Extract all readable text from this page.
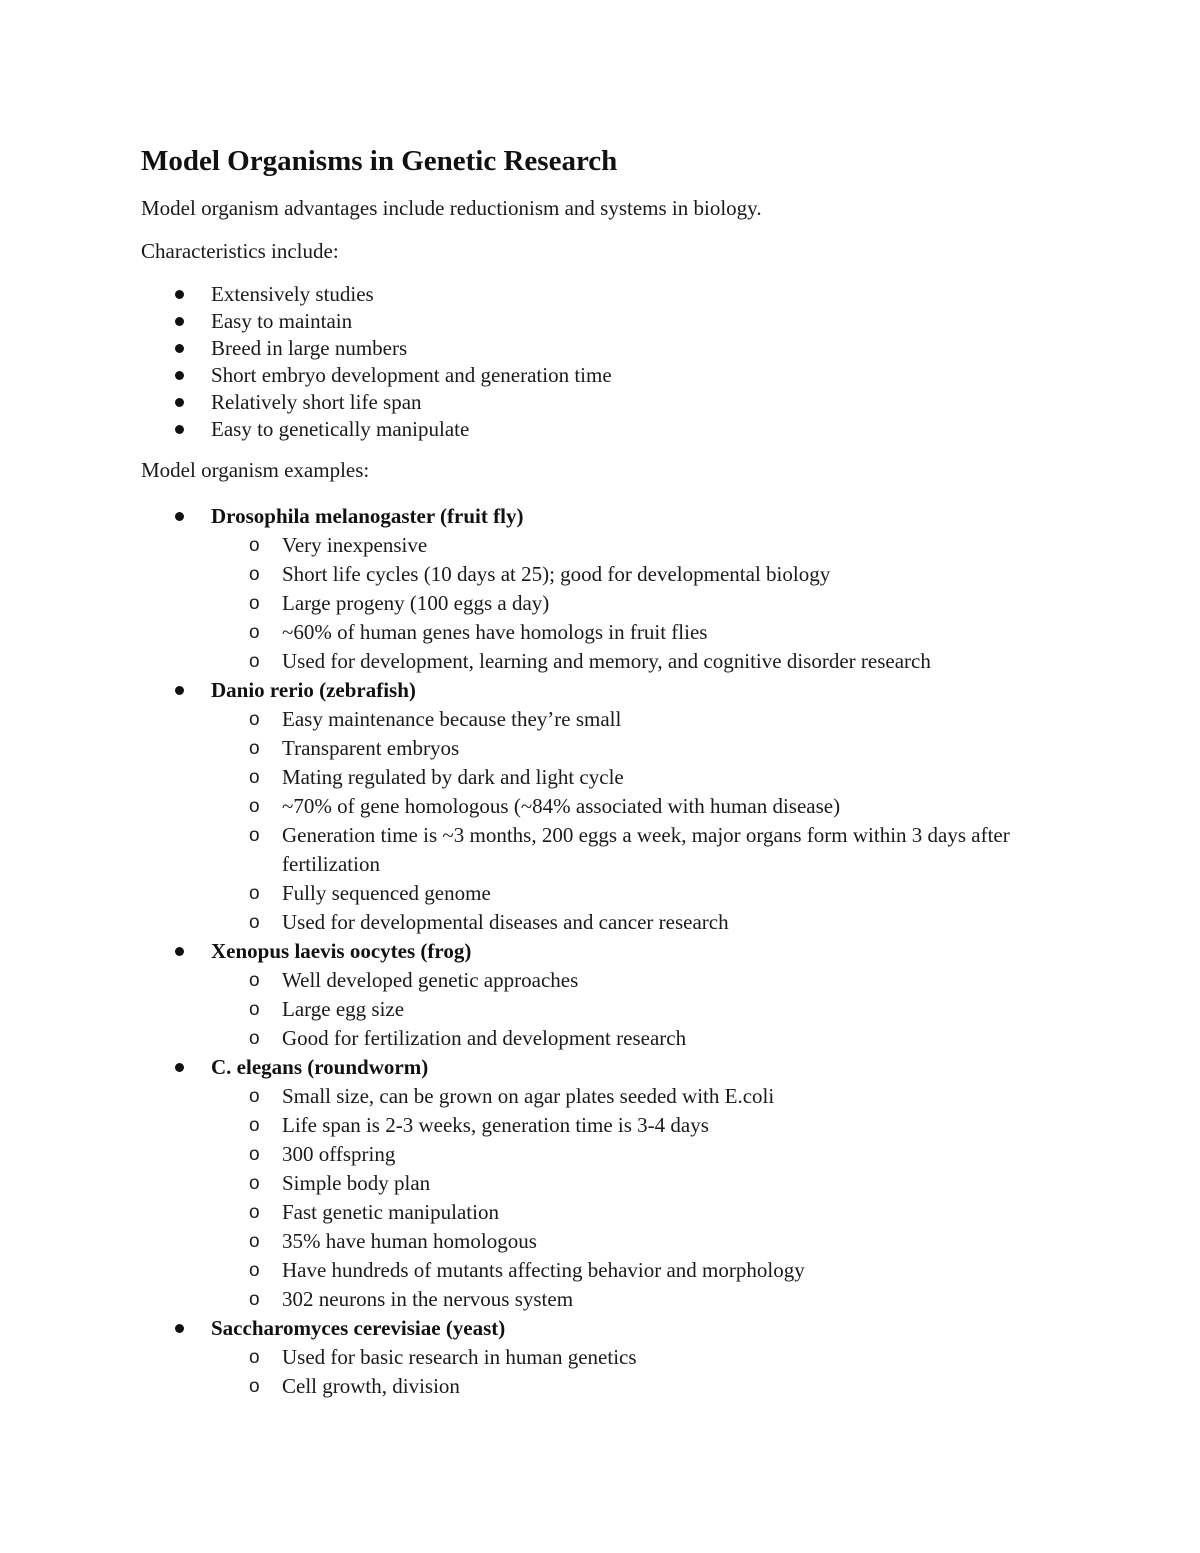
Model Organisms in Genetic Research

Model organism advantages include reductionism and systems in biology.

Characteristics include:

Extensively studies
Easy to maintain
Breed in large numbers
Short embryo development and generation time
Relatively short life span
Easy to genetically manipulate

Model organism examples:

Drosophila melanogaster (fruit fly)
o Very inexpensive
o Short life cycles (10 days at 25); good for developmental biology
o Large progeny (100 eggs a day)
o ~60% of human genes have homologs in fruit flies
o Used for development, learning and memory, and cognitive disorder research
Danio rerio (zebrafish)
o Easy maintenance because they’re small
o Transparent embryos
o Mating regulated by dark and light cycle
o ~70% of gene homologous (~84% associated with human disease)
o Generation time is ~3 months, 200 eggs a week, major organs form within 3 days after fertilization
o Fully sequenced genome
o Used for developmental diseases and cancer research
Xenopus laevis oocytes (frog)
o Well developed genetic approaches
o Large egg size
o Good for fertilization and development research
C. elegans (roundworm)
o Small size, can be grown on agar plates seeded with E.coli
o Life span is 2-3 weeks, generation time is 3-4 days
o 300 offspring
o Simple body plan
o Fast genetic manipulation
o 35% have human homologous
o Have hundreds of mutants affecting behavior and morphology
o 302 neurons in the nervous system
Saccharomyces cerevisiae (yeast)
o Used for basic research in human genetics
o Cell growth, division
